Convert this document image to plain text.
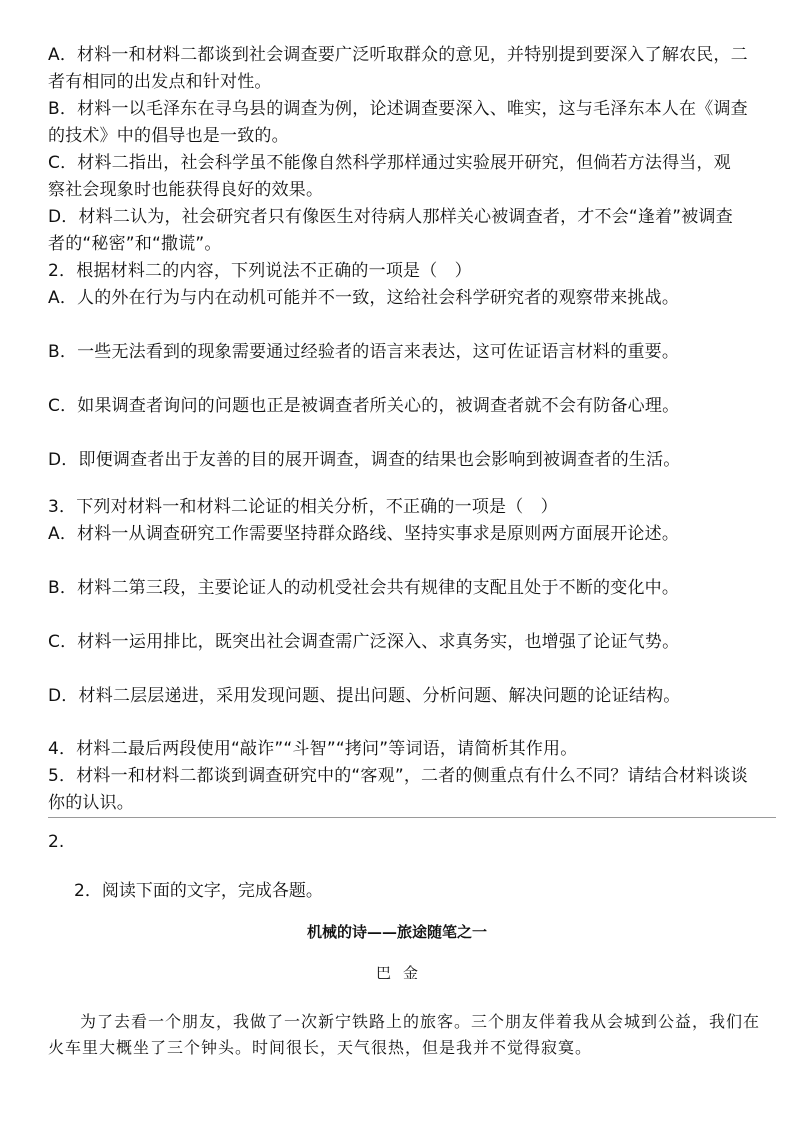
A．材料一和材料二都谈到社会调查要广泛听取群众的意见，并特别提到要深入了解农民，二者有相同的出发点和针对性。
B．材料一以毛泽东在寻乌县的调查为例，论述调查要深入、唯实，这与毛泽东本人在《调查的技术》中的倡导也是一致的。
C．材料二指出，社会科学虽不能像自然科学那样通过实验展开研究，但倘若方法得当，观察社会现象时也能获得良好的效果。
D．材料二认为，社会研究者只有像医生对待病人那样关心被调查者，才不会“逢着”被调查者的“秘密”和“撒谎”。
2．根据材料二的内容，下列说法不正确的一项是（　）
A．人的外在行为与内在动机可能并不一致，这给社会科学研究者的观察带来挑战。
B．一些无法看到的现象需要通过经验者的语言来表达，这可佐证语言材料的重要。
C．如果调查者询问的问题也正是被调查者所关心的，被调查者就不会有防备心理。
D．即便调查者出于友善的目的展开调查，调查的结果也会影响到被调查者的生活。
3．下列对材料一和材料二论证的相关分析，不正确的一项是（　）
A．材料一从调查研究工作需要坚持群众路线、坚持实事求是原则两方面展开论述。
B．材料二第三段，主要论证人的动机受社会共有规律的支配且处于不断的变化中。
C．材料一运用排比，既突出社会调查需广泛深入、求真务实，也增强了论证气势。
D．材料二层层递进，采用发现问题、提出问题、分析问题、解决问题的论证结构。
4．材料二最后两段使用“敲诈”“斗智”“拷问”等词语，请简析其作用。
5．材料一和材料二都谈到调查研究中的“客观”，二者的侧重点有什么不同？请结合材料谈谈你的认识。
2.
2．阅读下面的文字，完成各题。
机械的诗——旅途随笔之一
巴金
为了去看一个朋友，我做了一次新宁铁路上的旅客。三个朋友伴着我从会城到公益，我们在火车里大概坐了三个钟头。时间很长，天气很热，但是我并不觉得寂寞。
